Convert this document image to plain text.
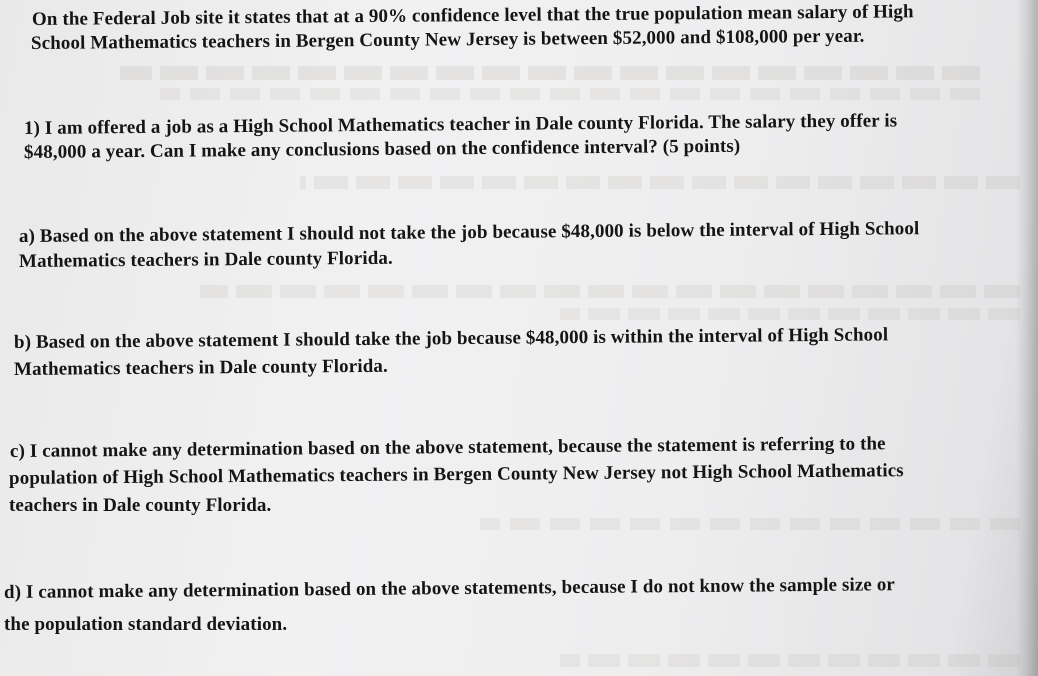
On the Federal Job site it states that at a 90% confidence level that the true population mean salary of High
School Mathematics teachers in Bergen County New Jersey is between $52,000 and $108,000 per year.
1) I am offered a job as a High School Mathematics teacher in Dale county Florida. The salary they offer is
$48,000 a year. Can I make any conclusions based on the confidence interval? (5 points)
a) Based on the above statement I should not take the job because $48,000 is below the interval of High School
Mathematics teachers in Dale county Florida.
b) Based on the above statement I should take the job because $48,000 is within the interval of High School
Mathematics teachers in Dale county Florida.
c) I cannot make any determination based on the above statement, because the statement is referring to the
population of High School Mathematics teachers in Bergen County New Jersey not High School Mathematics
teachers in Dale county Florida.
d) I cannot make any determination based on the above statements, because I do not know the sample size or
the population standard deviation.
